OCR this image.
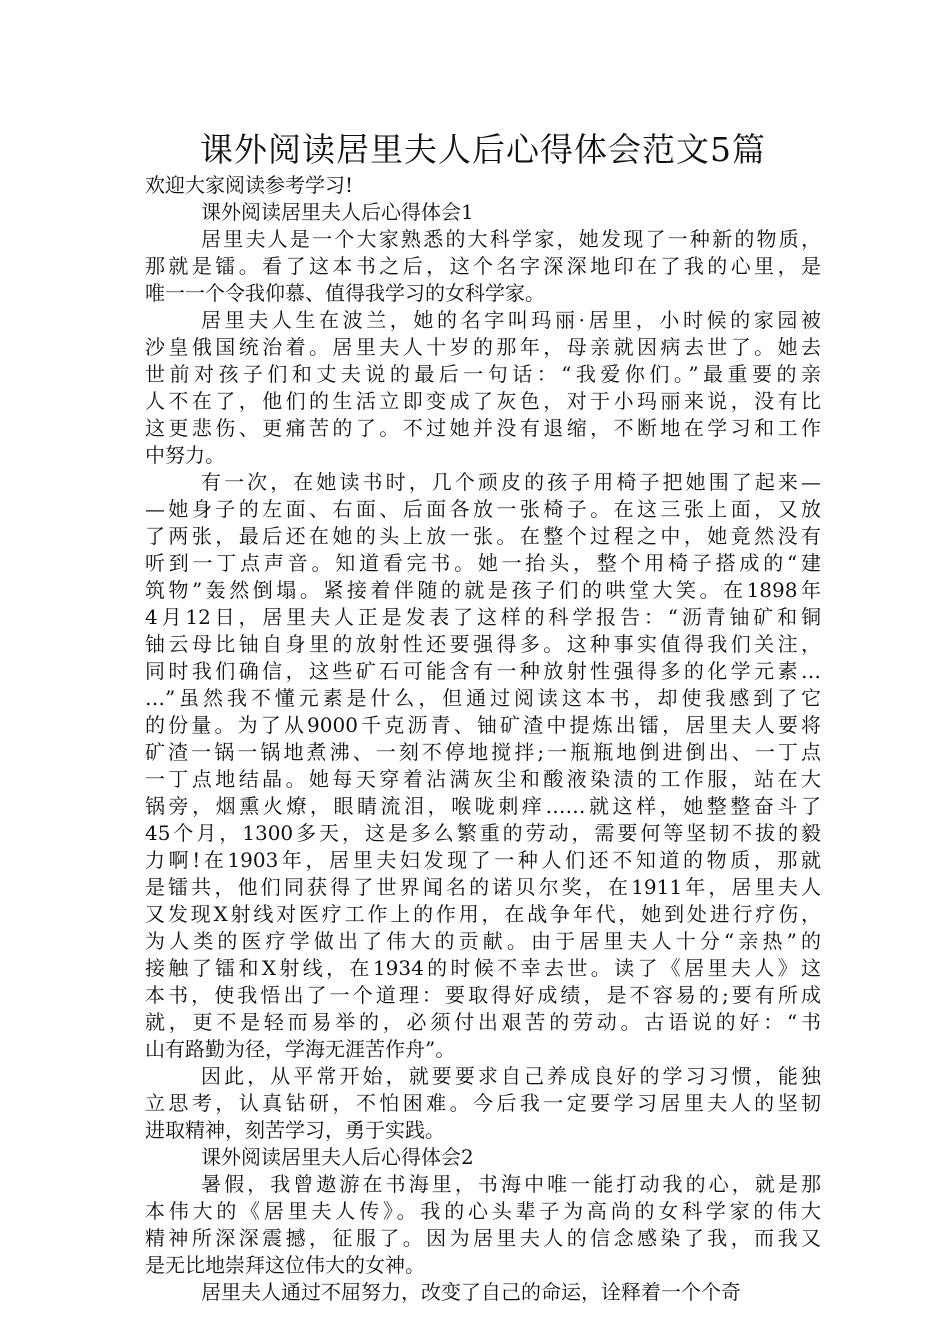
课外阅读居里夫人后心得体会范文5篇

欢迎大家阅读参考学习!

课外阅读居里夫人后心得体会1

居里夫人是一个大家熟悉的大科学家，她发现了一种新的物质，
那就是镭。看了这本书之后，这个名字深深地印在了我的心里，是
唯一一个令我仰慕、值得我学习的女科学家。

居里夫人生在波兰，她的名字叫玛丽·居里，小时候的家园被
沙皇俄国统治着。居里夫人十岁的那年，母亲就因病去世了。她去
世前对孩子们和丈夫说的最后一句话：“我爱你们。”最重要的亲
人不在了，他们的生活立即变成了灰色，对于小玛丽来说，没有比
这更悲伤、更痛苦的了。不过她并没有退缩，不断地在学习和工作
中努力。

有一次，在她读书时，几个顽皮的孩子用椅子把她围了起来—
—她身子的左面、右面、后面各放一张椅子。在这三张上面，又放
了两张，最后还在她的头上放一张。在整个过程之中，她竟然没有
听到一丁点声音。知道看完书。她一抬头，整个用椅子搭成的“建
筑物”轰然倒塌。紧接着伴随的就是孩子们的哄堂大笑。在1898年
4月12日，居里夫人正是发表了这样的科学报告：“沥青铀矿和铜
铀云母比铀自身里的放射性还要强得多。这种事实值得我们关注，
同时我们确信，这些矿石可能含有一种放射性强得多的化学元素…
…”虽然我不懂元素是什么，但通过阅读这本书，却使我感到了它
的份量。为了从9000千克沥青、铀矿渣中提炼出镭，居里夫人要将
矿渣一锅一锅地煮沸、一刻不停地搅拌;一瓶瓶地倒进倒出、一丁点
一丁点地结晶。她每天穿着沾满灰尘和酸液染渍的工作服，站在大
锅旁，烟熏火燎，眼睛流泪，喉咙刺痒……就这样，她整整奋斗了
45个月，1300多天，这是多么繁重的劳动，需要何等坚韧不拔的毅
力啊!在1903年，居里夫妇发现了一种人们还不知道的物质，那就
是镭共，他们同获得了世界闻名的诺贝尔奖，在1911年，居里夫人
又发现X射线对医疗工作上的作用，在战争年代，她到处进行疗伤，
为人类的医疗学做出了伟大的贡献。由于居里夫人十分“亲热”的
接触了镭和X射线，在1934的时候不幸去世。读了《居里夫人》这
本书，使我悟出了一个道理：要取得好成绩，是不容易的;要有所成
就，更不是轻而易举的，必须付出艰苦的劳动。古语说的好：“书
山有路勤为径，学海无涯苦作舟”。

因此，从平常开始，就要要求自己养成良好的学习习惯，能独
立思考，认真钻研，不怕困难。今后我一定要学习居里夫人的坚韧
进取精神，刻苦学习，勇于实践。

课外阅读居里夫人后心得体会2

暑假，我曾遨游在书海里，书海中唯一能打动我的心，就是那
本伟大的《居里夫人传》。我的心头辈子为高尚的女科学家的伟大
精神所深深震撼，征服了。因为居里夫人的信念感染了我，而我又
是无比地崇拜这位伟大的女神。

居里夫人通过不屈努力，改变了自己的命运，诠释着一个个奇
